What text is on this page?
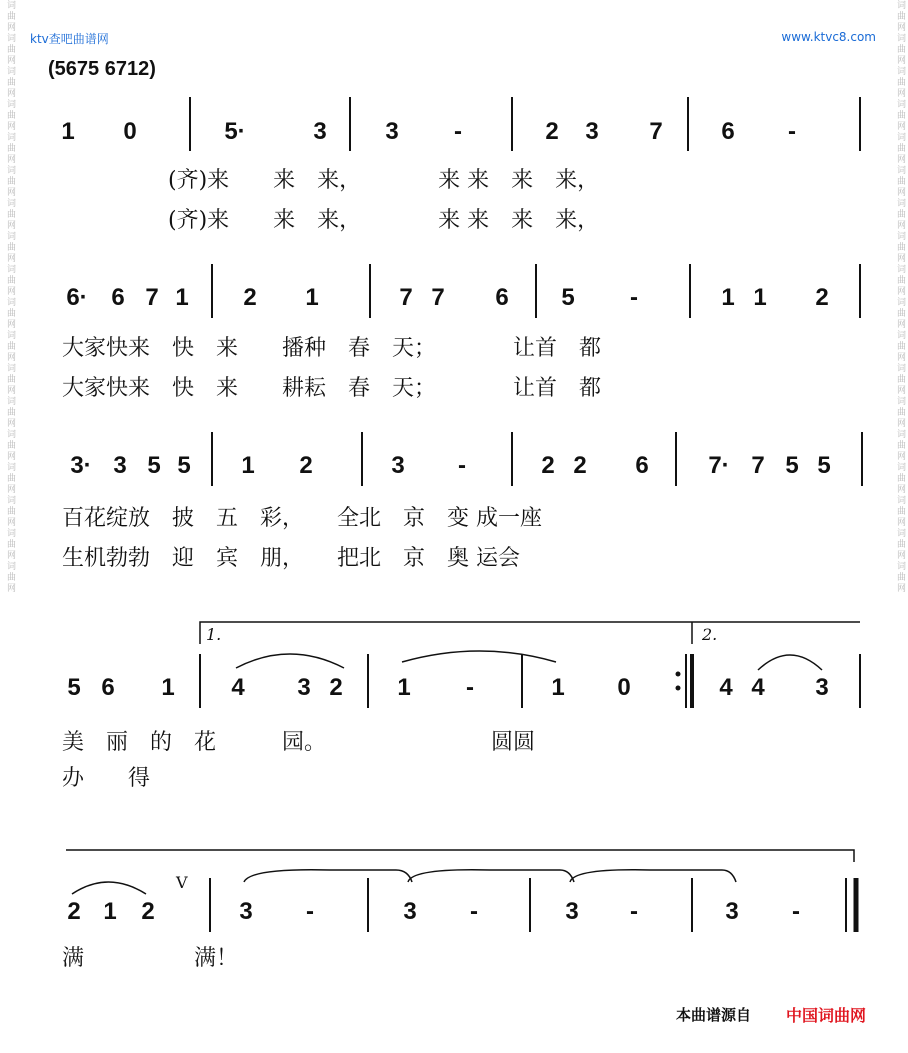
词曲网词曲网词曲网词曲网词曲网词曲网词曲网词曲网词曲网词曲网词曲网词曲网词曲网词曲网词曲网词曲网词曲网词曲网	词曲网词曲网词曲网词曲网词曲网词曲网词曲网词曲网词曲网词曲网词曲网词曲网词曲网词曲网词曲网词曲网词曲网词曲网
ktv查吧曲谱网	www.ktvc8.com
(5675 6712)
1 0	5·	3 3	-	2 3 7 6	-
(齐)来　　来　来，　　　　来 来　来　来，
(齐)来　　来　来，　　　　来 来　来　来，
6· 6 7 1 2 1	7 7 6 5	-	1 1 2
大家快来　快　来　　播种　春　天；　　　　让首　都
大家快来　快　来　　耕耘　春　天；　　　　让首　都
3· 3 5 5 1 2	3	-	2 2 6 7· 7 5 5
百花绽放　披　五　彩，　　全北　京　变 成一座
生机勃勃　迎　宾　朋，　　把北　京　奥 运会
1.	2.
5 6 1 4 3 2 1	-	1 0	4 4 3
美　丽　的　花　　　园。　　　　　　　　圆圆
办　　得
2 1 2
V
3	-	3	-	3	-	3	-
满　　　　　满！
本曲谱源自 中国词曲网
